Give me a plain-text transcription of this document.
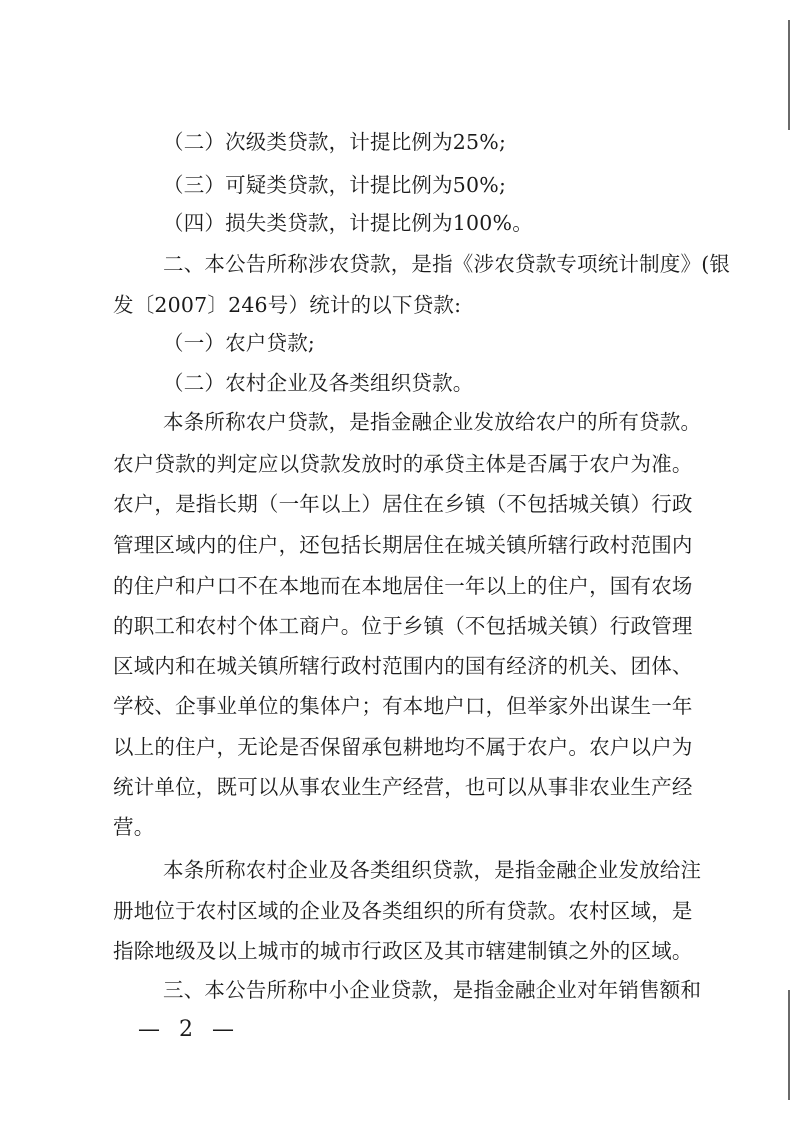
（二）次级类贷款，计提比例为25%;
（三）可疑类贷款，计提比例为50%;
（四）损失类贷款，计提比例为100%。
二、本公告所称涉农贷款，是指《涉农贷款专项统计制度》(银
发〔2007〕246号）统计的以下贷款:
（一）农户贷款;
（二）农村企业及各类组织贷款。
本条所称农户贷款，是指金融企业发放给农户的所有贷款。
农户贷款的判定应以贷款发放时的承贷主体是否属于农户为准。
农户，是指长期（一年以上）居住在乡镇（不包括城关镇）行政
管理区域内的住户，还包括长期居住在城关镇所辖行政村范围内
的住户和户口不在本地而在本地居住一年以上的住户，国有农场
的职工和农村个体工商户。位于乡镇（不包括城关镇）行政管理
区域内和在城关镇所辖行政村范围内的国有经济的机关、团体、
学校、企事业单位的集体户；有本地户口，但举家外出谋生一年
以上的住户，无论是否保留承包耕地均不属于农户。农户以户为
统计单位，既可以从事农业生产经营，也可以从事非农业生产经
营。
本条所称农村企业及各类组织贷款，是指金融企业发放给注
册地位于农村区域的企业及各类组织的所有贷款。农村区域，是
指除地级及以上城市的城市行政区及其市辖建制镇之外的区域。
三、本公告所称中小企业贷款，是指金融企业对年销售额和
— 2 —
